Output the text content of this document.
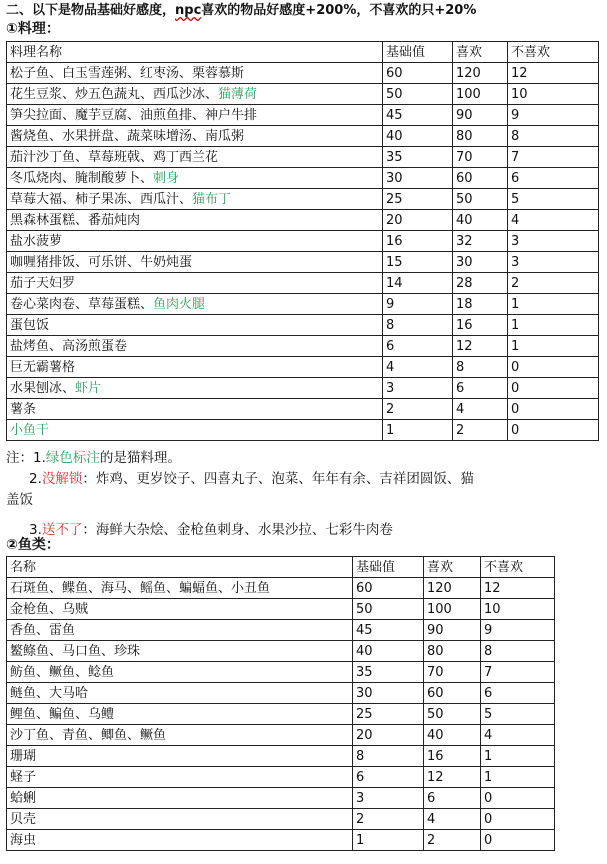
二、以下是物品基础好感度，npc喜欢的物品好感度+200%，不喜欢的只+20%
①料理：
料理名称	基础值	喜欢	不喜欢
松子鱼、白玉雪莲粥、红枣汤、栗蓉慕斯	60	120	12
花生豆浆、炒五色蔬丸、西瓜沙冰、猫薄荷	50	100	10
笋尖拉面、魔芋豆腐、油煎鱼排、神户牛排	45	90	9
酱烧鱼、水果拼盘、蔬菜味增汤、南瓜粥	40	80	8
茄汁沙丁鱼、草莓班戟、鸡丁西兰花	35	70	7
冬瓜烧肉、腌制酸萝卜、刺身	30	60	6
草莓大福、柿子果冻、西瓜汁、猫布丁	25	50	5
黑森林蛋糕、番茄炖肉	20	40	4
盐水菠萝	16	32	3
咖喱猪排饭、可乐饼、牛奶炖蛋	15	30	3
茄子天妇罗	14	28	2
卷心菜肉卷、草莓蛋糕、鱼肉火腿	9	18	1
蛋包饭	8	16	1
盐烤鱼、高汤煎蛋卷	6	12	1
巨无霸薯格	4	8	0
水果刨冰、虾片	3	6	0
薯条	2	4	0
小鱼干	1	2	0
注：1.绿色标注的是猫料理。
2.没解锁：炸鸡、更岁饺子、四喜丸子、泡菜、年年有余、吉祥团圆饭、猫
盖饭
3.送不了：海鲜大杂烩、金枪鱼刺身、水果沙拉、七彩牛肉卷
②鱼类：
名称	基础值	喜欢	不喜欢
石斑鱼、鲽鱼、海马、鳐鱼、蝙蝠鱼、小丑鱼	60	120	12
金枪鱼、乌贼	50	100	10
香鱼、雷鱼	45	90	9
鳘鲦鱼、马口鱼、珍珠	40	80	8
鲂鱼、鳜鱼、鲶鱼	35	70	7
鲢鱼、大马哈	30	60	6
鲤鱼、鳊鱼、乌鳢	25	50	5
沙丁鱼、青鱼、鲫鱼、鳜鱼	20	40	4
珊瑚	8	16	1
蛏子	6	12	1
蛤蜊	3	6	0
贝壳	2	4	0
海虫	1	2	0
